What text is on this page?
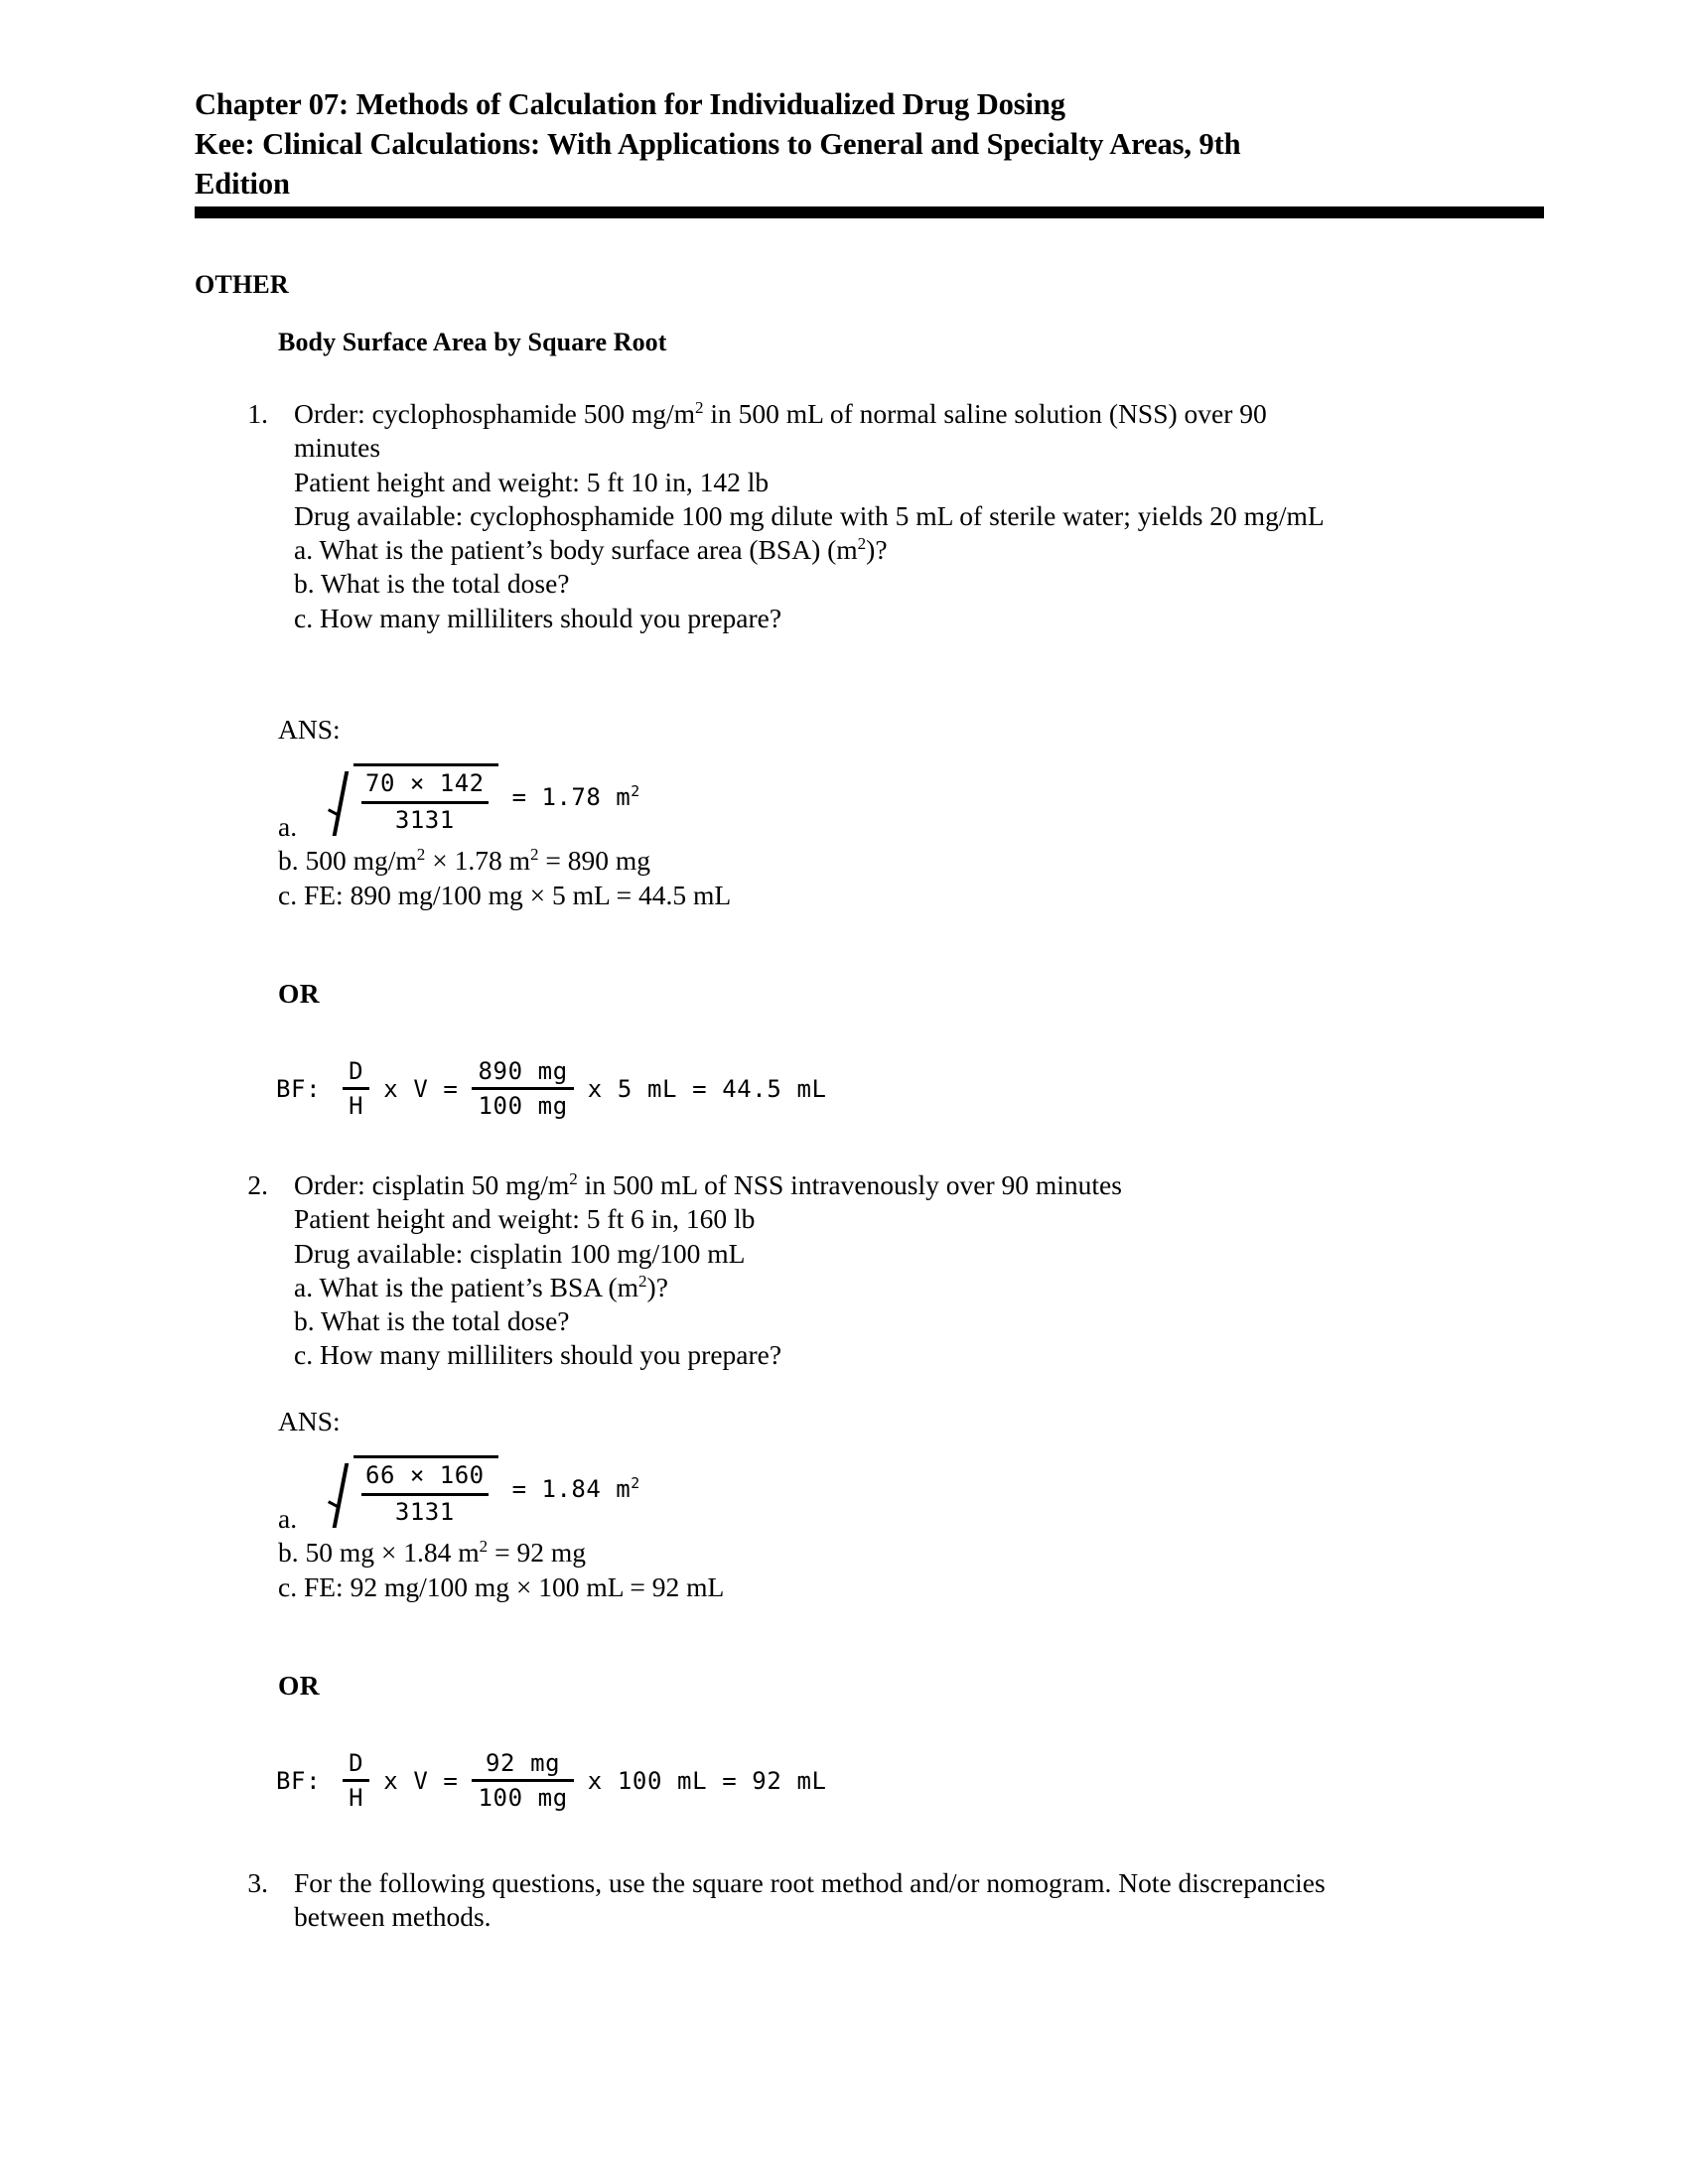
Chapter 07: Methods of Calculation for Individualized Drug Dosing
Kee: Clinical Calculations: With Applications to General and Specialty Areas, 9th
Edition
OTHER
Body Surface Area by Square Root
1. Order: cyclophosphamide 500 $mg/m^2$ in 500 mL of normal saline solution (NSS) over 90
minutes
Patient height and weight: 5 ft 10 in, 142 lb
Drug available: cyclophosphamide 100 mg dilute with 5 mL of sterile water; yields 20 mg/mL
a. What is the patient’s body surface area (BSA) $(m^2)$?
b. What is the total dose?
c. How many milliliters should you prepare?
ANS:
a.	$\frac{70 \times 142}{3131} = 1.78$ $m^2$
b. 500 $mg/m^2 \times 1.78$ $m^2 = 890$ mg
c. FE: 890 mg/100 mg × 5 mL = 44.5 mL
OR
BF: $\frac{D}{H}$ x $V = \frac{890 mg}{100 mg}$ x 5 mL = 44.5 mL
2. Order: cisplatin 50 $mg/m^2$ in 500 mL of NSS intravenously over 90 minutes
Patient height and weight: 5 ft 6 in, 160 lb
Drug available: cisplatin 100 mg/100 mL
a. What is the patient’s BSA $(m^2)$?
b. What is the total dose?
c. How many milliliters should you prepare?
ANS:
a.	$\frac{66 \times 160}{3131} = 1.84$ $m^2$
b. 50 mg × 1.84 $m^2 = 92$ mg
c. FE: 92 mg/100 mg × 100 mL = 92 mL
OR
BF: $\frac{D}{H}$ x $V = \frac{92 mg}{100 mg}$ x 100 mL = 92 mL
3. For the following questions, use the square root method and/or nomogram. Note discrepancies
between methods.
